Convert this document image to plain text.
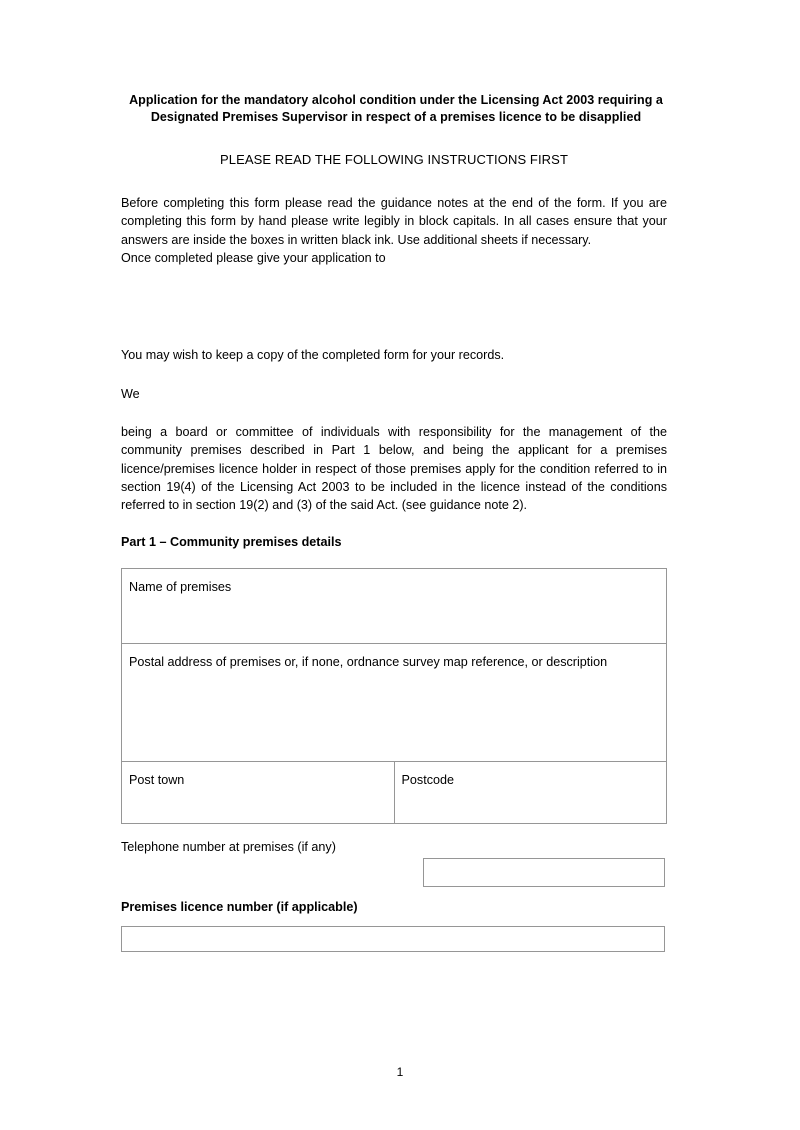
Application for the mandatory alcohol condition under the Licensing Act 2003 requiring a Designated Premises Supervisor in respect of a premises licence to be disapplied

PLEASE READ THE FOLLOWING INSTRUCTIONS FIRST

Before completing this form please read the guidance notes at the end of the form. If you are completing this form by hand please write legibly in block capitals. In all cases ensure that your answers are inside the boxes in written black ink. Use additional sheets if necessary.

Once completed please give your application to

You may wish to keep a copy of the completed form for your records.

We

being a board or committee of individuals with responsibility for the management of the community premises described in Part 1 below, and being the applicant for a premises licence/premises licence holder in respect of those premises apply for the condition referred to in section 19(4) of the Licensing Act 2003 to be included in the licence instead of the conditions referred to in section 19(2) and (3) of the said Act. (see guidance note 2).

Part 1 – Community premises details
Name of premises
Postal address of premises or, if none, ordnance survey map reference, or description
Post town	Postcode
Telephone number at premises (if any)
Premises licence number (if applicable)
1
